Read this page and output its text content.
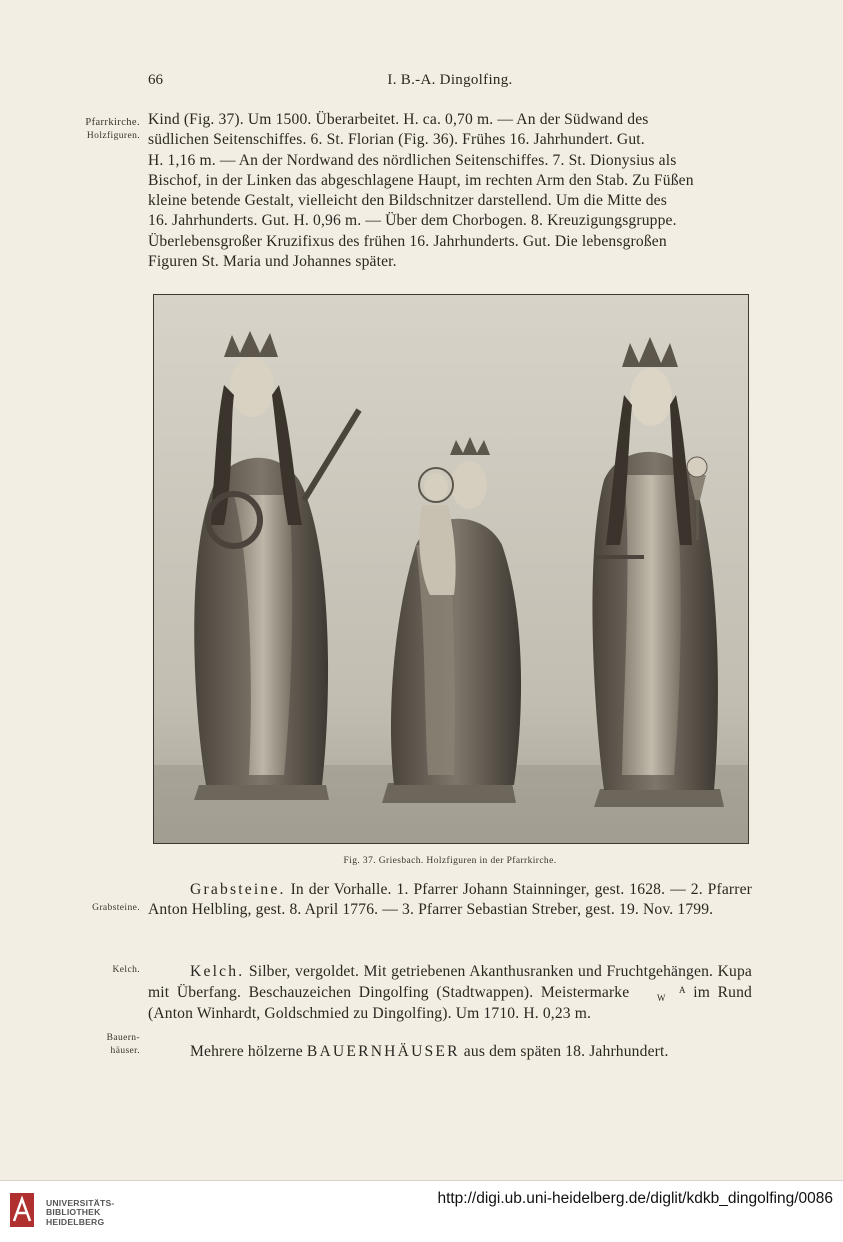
66	I. B.-A. Dingolfing.
Pfarrkirche.
Holzfiguren.

Kind (Fig. 37). Um 1500. Überarbeitet. H. ca. 0,70 m. — An der Südwand des

südlichen Seitenschiffes. 6. St. Florian (Fig. 36). Frühes 16. Jahrhundert. Gut.

H. 1,16 m. — An der Nordwand des nördlichen Seitenschiffes. 7. St. Dionysius als

Bischof, in der Linken das abgeschlagene Haupt, im rechten Arm den Stab. Zu Füßen

kleine betende Gestalt, vielleicht den Bildschnitzer darstellend. Um die Mitte des

16. Jahrhunderts. Gut. H. 0,96 m. — Über dem Chorbogen. 8. Kreuzigungsgruppe.

Überlebensgroßer Kruzifixus des frühen 16. Jahrhunderts. Gut. Die lebensgroßen

Figuren St. Maria und Johannes später.

Fig. 37. Griesbach. Holzfiguren in der Pfarrkirche.
Grabsteine.

Grabsteine. In der Vorhalle. 1. Pfarrer Johann Stainninger, gest. 1628. — 2. Pfarrer Anton Helbling, gest. 8. April 1776. — 3. Pfarrer Sebastian Streber, gest. 19. Nov. 1799.

Kelch.	Kelch. Silber, vergoldet. Mit getriebenen Akanthusranken und Fruchtgehängen. Kupa mit Überfang. Beschauzeichen Dingolfing (Stadtwappen). Meistermarke	A
W im Rund (Anton Winhardt, Goldschmied zu Dingolfing). Um 1710. H. 0,23 m.

Bauern-
häuser.	Mehrere hölzerne BAUERNHÄUSER aus dem späten 18. Jahrhundert.

UNIVERSITÄTS-
BIBLIOTHEK
HEIDELBERG
http://digi.ub.uni-heidelberg.de/diglit/kdkb_dingolfing/0086
